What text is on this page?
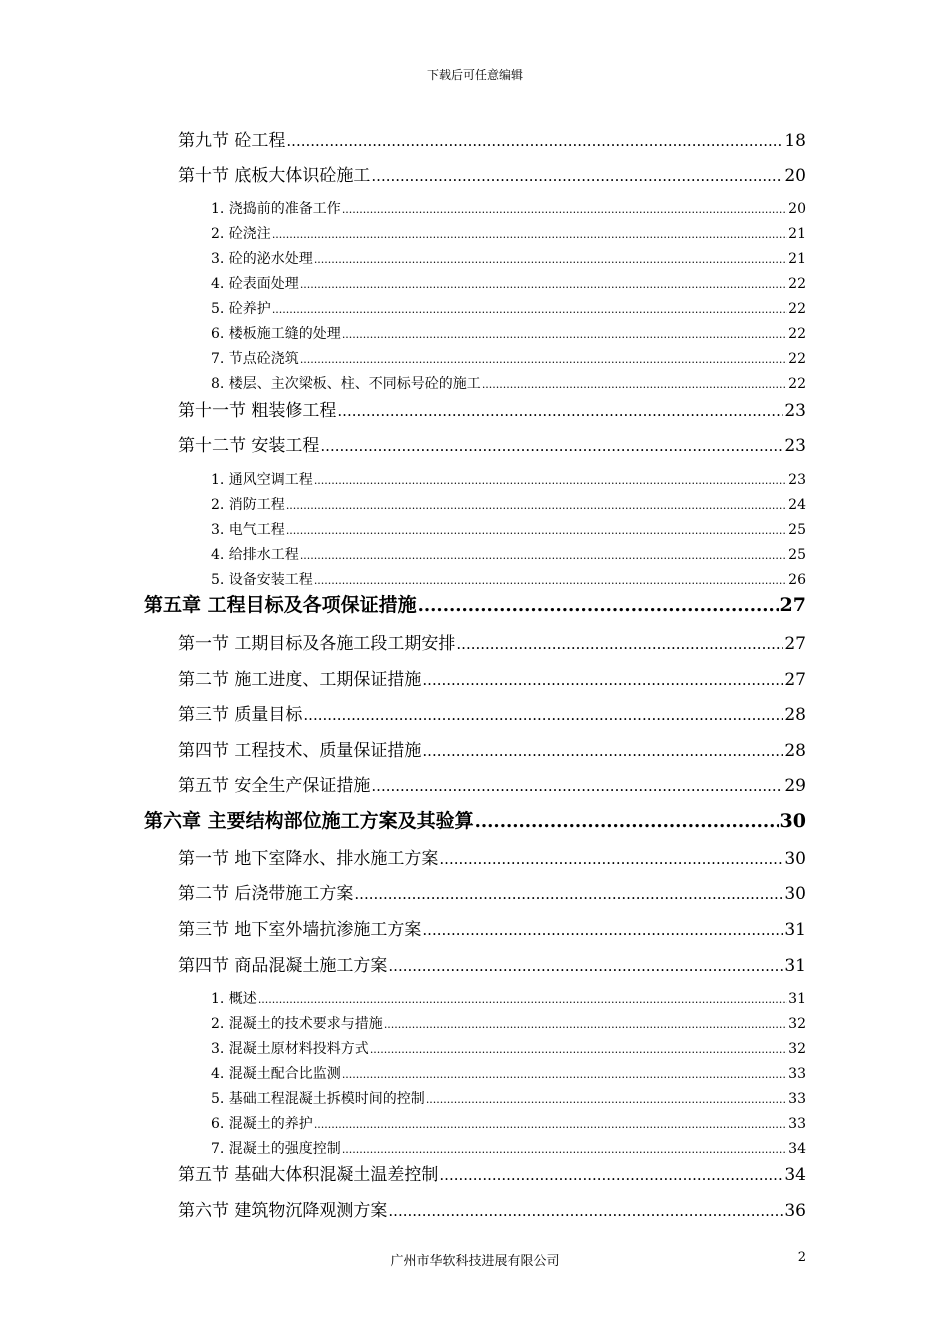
下载后可任意编辑
第九节 砼工程 .....	18
第十节 底板大体识砼施工 .....	20
1. 浇捣前的准备工作 .....	20
2. 砼浇注 .....	21
3. 砼的泌水处理 .....	21
4. 砼表面处理 .....	22
5. 砼养护 .....	22
6. 楼板施工缝的处理 .....	22
7. 节点砼浇筑 .....	22
8. 楼层、主次梁板、柱、不同标号砼的施工 .....	22
第十一节 粗装修工程 .....	23
第十二节 安装工程 .....	23
1. 通风空调工程 .....	23
2. 消防工程 .....	24
3. 电气工程 .....	25
4. 给排水工程 .....	25
5. 设备安装工程 .....	26
第五章 工程目标及各项保证措施 .....	27
第一节 工期目标及各施工段工期安排 .....	27
第二节 施工进度、工期保证措施 .....	27
第三节 质量目标 .....	28
第四节 工程技术、质量保证措施 .....	28
第五节 安全生产保证措施 .....	29
第六章 主要结构部位施工方案及其验算 .....	30
第一节 地下室降水、排水施工方案 .....	30
第二节 后浇带施工方案 .....	30
第三节 地下室外墙抗渗施工方案 .....	31
第四节 商品混凝土施工方案 .....	31
1. 概述 .....	31
2. 混凝土的技术要求与措施 .....	32
3. 混凝土原材料投料方式 .....	32
4. 混凝土配合比监测 .....	33
5. 基础工程混凝土拆模时间的控制 .....	33
6. 混凝土的养护 .....	33
7. 混凝土的强度控制 .....	34
第五节 基础大体积混凝土温差控制 .....	34
第六节 建筑物沉降观测方案 .....	36
广州市华软科技进展有限公司	2
